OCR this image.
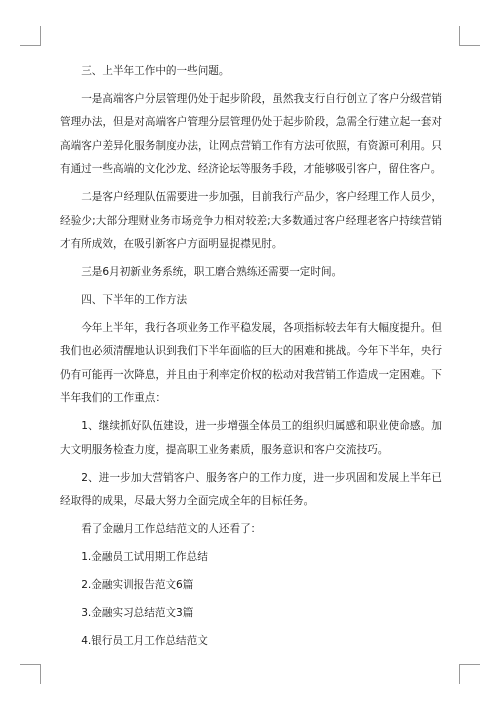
三、上半年工作中的一些问题。

一是高端客户分层管理仍处于起步阶段，虽然我支行自行创立了客户分级营销管理办法，但是对高端客户管理分层管理仍处于起步阶段，急需全行建立起一套对高端客户差异化服务制度办法，让网点营销工作有方法可依照，有资源可利用。只有通过一些高端的文化沙龙、经济论坛等服务手段，才能够吸引客户，留住客户。

二是客户经理队伍需要进一步加强，目前我行产品少，客户经理工作人员少，经验少;大部分理财业务市场竞争力相对较差;大多数通过客户经理老客户持续营销才有所成效，在吸引新客户方面明显捉襟见肘。

三是6月初新业务系统，职工磨合熟练还需要一定时间。

四、下半年的工作方法

今年上半年，我行各项业务工作平稳发展，各项指标较去年有大幅度提升。但我们也必须清醒地认识到我们下半年面临的巨大的困难和挑战。今年下半年，央行仍有可能再一次降息，并且由于利率定价权的松动对我营销工作造成一定困难。下半年我们的工作重点：

1、继续抓好队伍建设，进一步增强全体员工的组织归属感和职业使命感。加大文明服务检查力度，提高职工业务素质，服务意识和客户交流技巧。

2、进一步加大营销客户、服务客户的工作力度，进一步巩固和发展上半年已经取得的成果，尽最大努力全面完成全年的目标任务。

看了金融月工作总结范文的人还看了：

1.金融员工试用期工作总结

2.金融实训报告范文6篇

3.金融实习总结范文3篇

4.银行员工月工作总结范文
